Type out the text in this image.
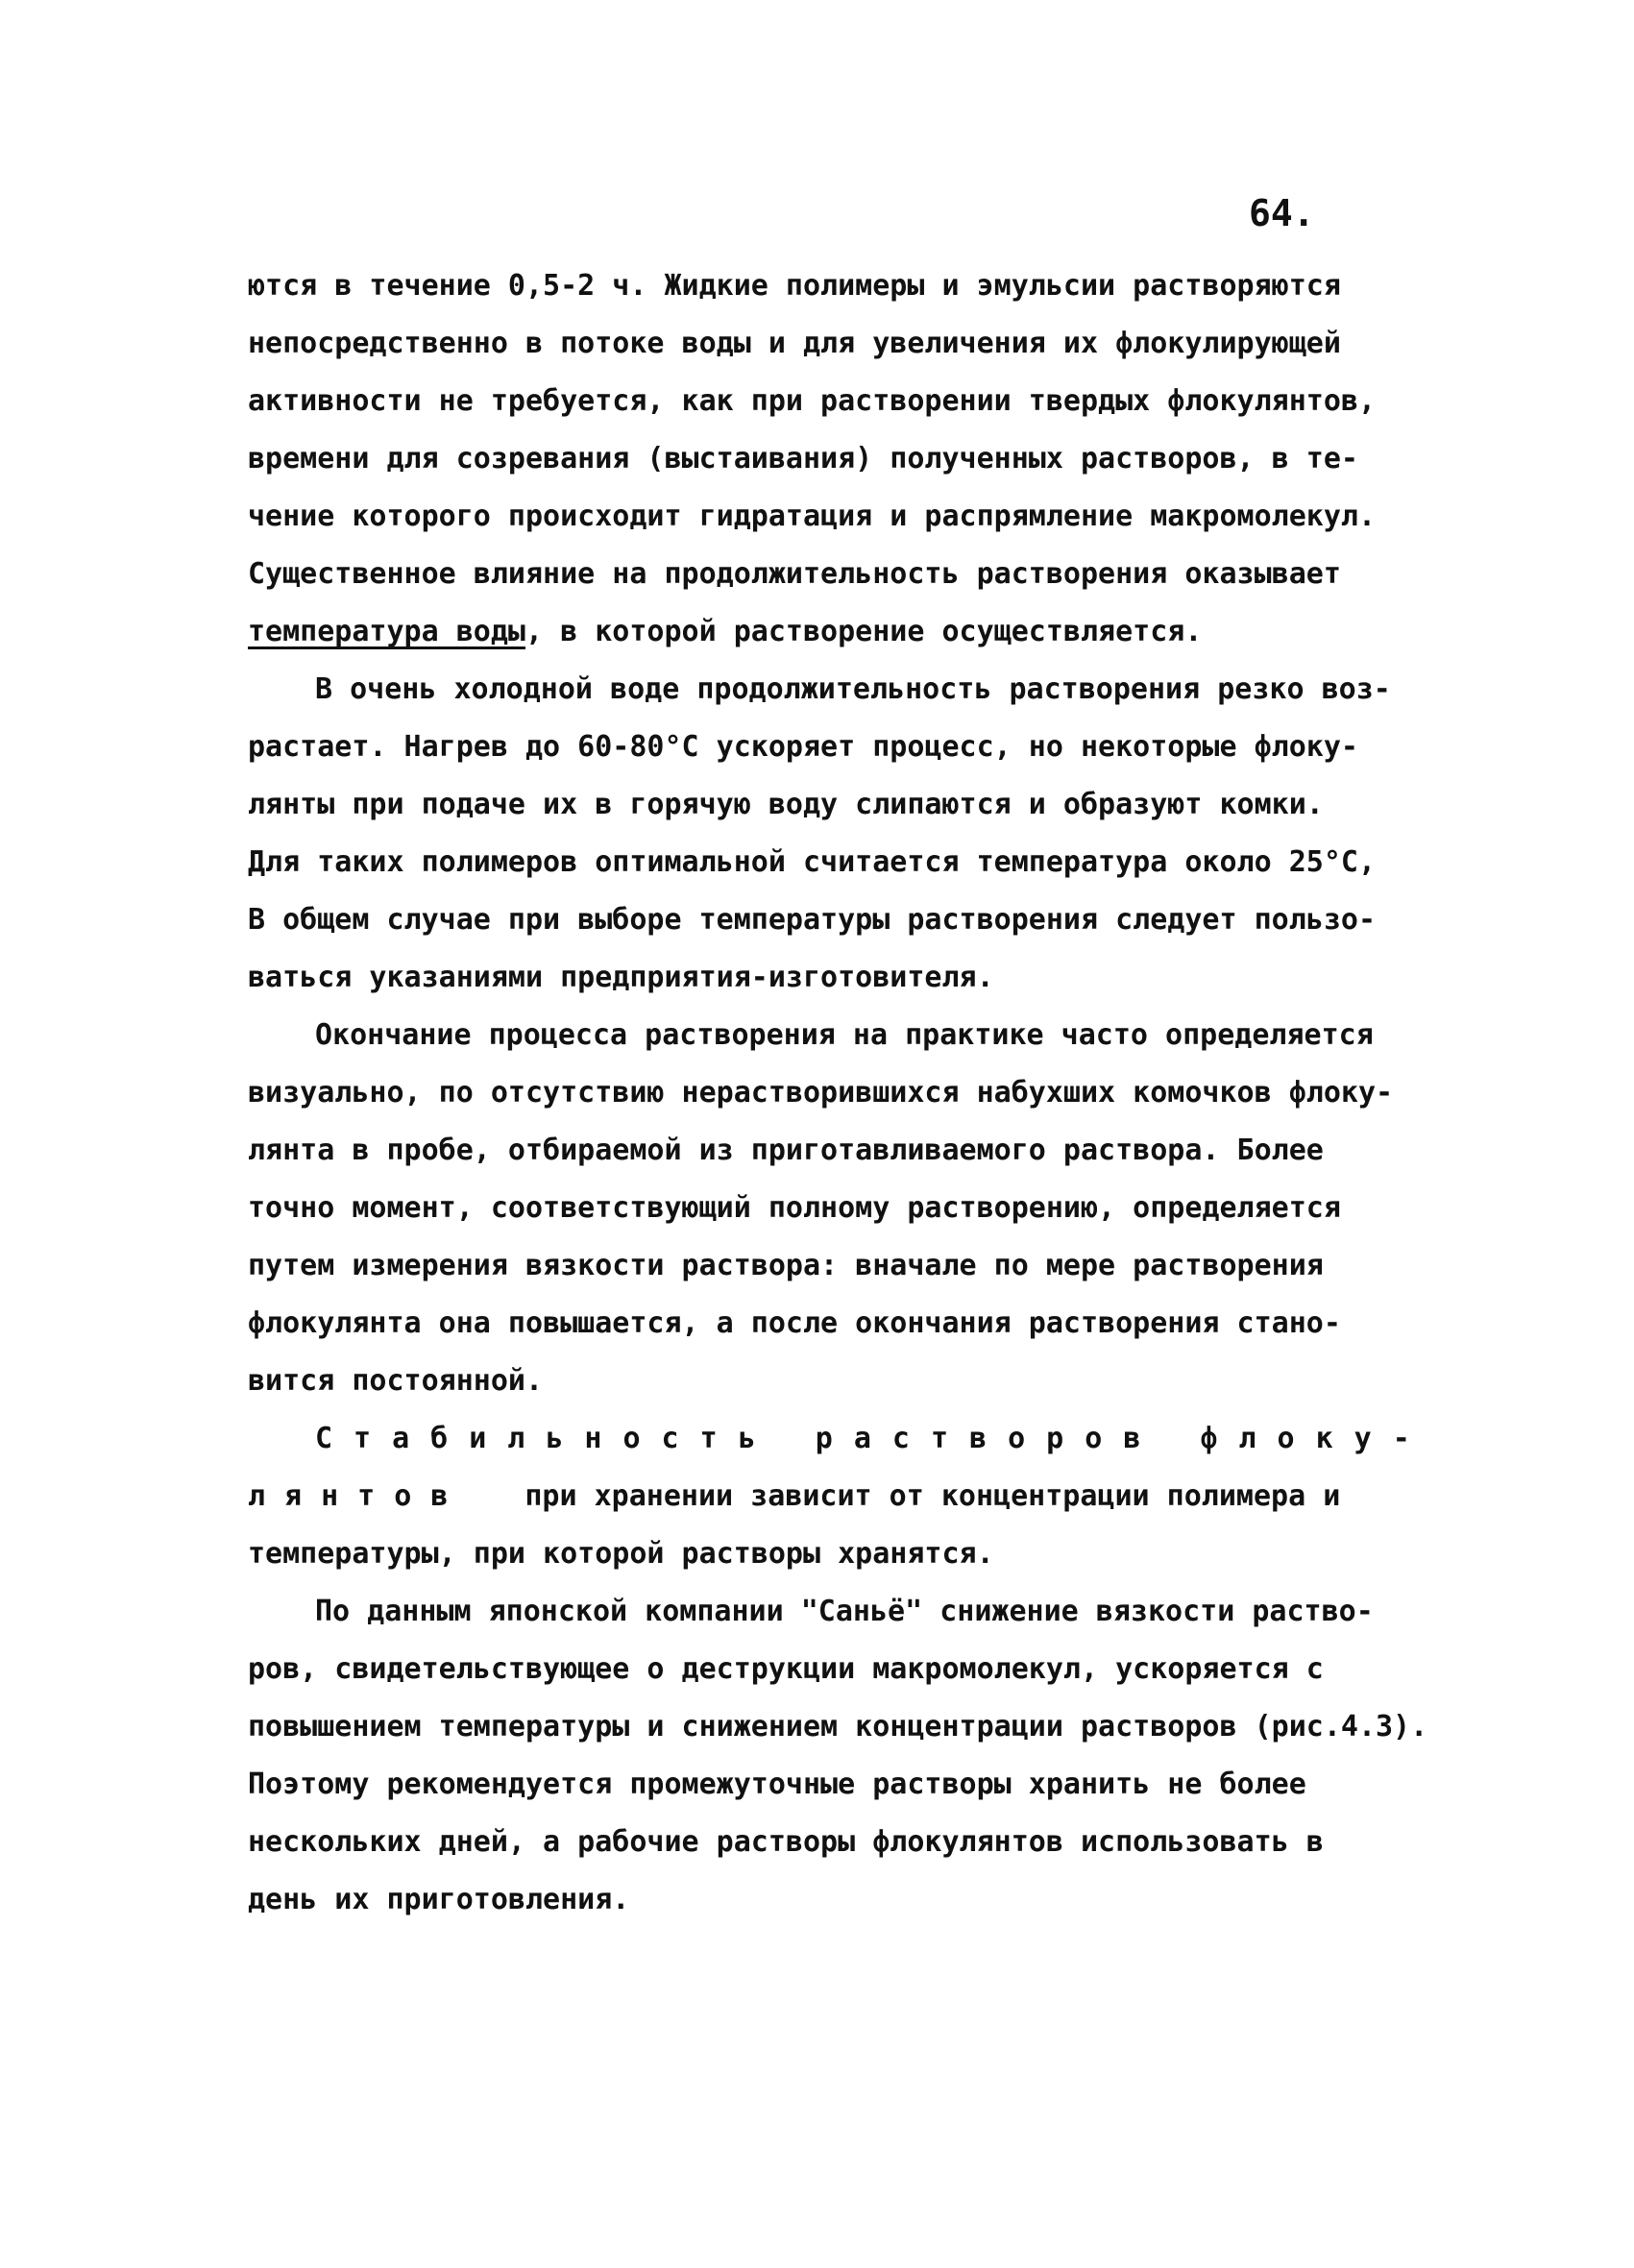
64.
ются в течение 0,5-2 ч. Жидкие полимеры и эмульсии растворяются
непосредственно в потоке воды и для увеличения их флокулирующей
активности не требуется, как при растворении твердых флокулянтов,
времени для созревания (выстаивания) полученных растворов, в те-
чение которого происходит гидратация и распрямление макромолекул.
Существенное влияние на продолжительность растворения оказывает
температура воды, в которой растворение осуществляется.
В очень холодной воде продолжительность растворения резко воз-
растает. Нагрев до 60-80°С ускоряет процесс, но некоторые флоку-
лянты при подаче их в горячую воду слипаются и образуют комки.
Для таких полимеров оптимальной считается температура около 25°С,
В общем случае при выборе температуры растворения следует пользо-
ваться указаниями предприятия-изготовителя.
Окончание процесса растворения на практике часто определяется
визуально, по отсутствию нерастворившихся набухших комочков флоку-
лянта в пробе, отбираемой из приготавливаемого раствора. Более
точно момент, соответствующий полному растворению, определяется
путем измерения вязкости раствора: вначале по мере растворения
флокулянта она повышается, а после окончания растворения стано-
вится постоянной.
Стабильность растворов флоку-
лянтов при хранении зависит от концентрации полимера и
температуры, при которой растворы хранятся.
По данным японской компании "Саньё" снижение вязкости раство-
ров, свидетельствующее о деструкции макромолекул, ускоряется с
повышением температуры и снижением концентрации растворов (рис.4.3).
Поэтому рекомендуется промежуточные растворы хранить не более
нескольких дней, а рабочие растворы флокулянтов использовать в
день их приготовления.
